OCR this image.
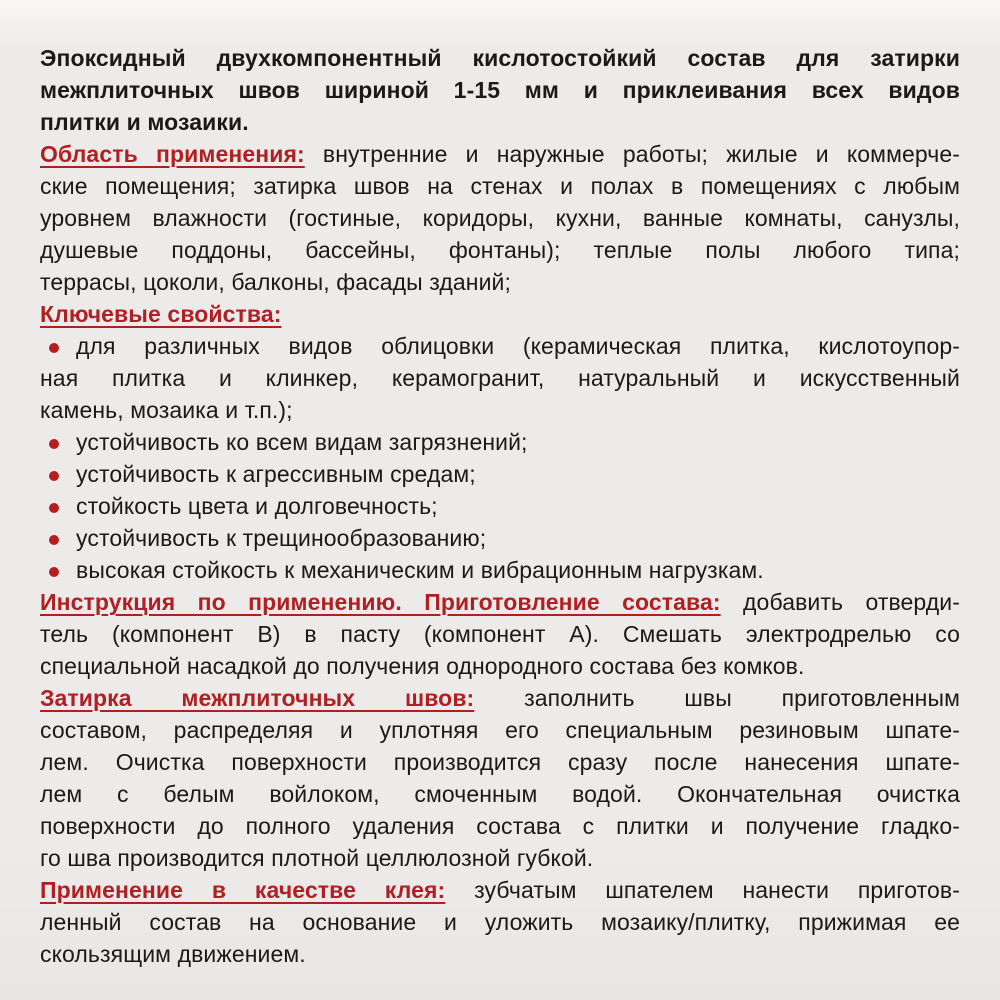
Эпоксидный двухкомпонентный кислотостойкий состав для затирки
межплиточных швов шириной 1-15 мм и приклеивания всех видов
плитки и мозаики.
Область применения: внутренние и наружные работы; жилые и коммерче-
ские помещения; затирка швов на стенах и полах в помещениях с любым
уровнем влажности (гостиные, коридоры, кухни, ванные комнаты, санузлы,
душевые поддоны, бассейны, фонтаны); теплые полы любого типа;
террасы, цоколи, балконы, фасады зданий;
Ключевые свойства:
для различных видов облицовки (керамическая плитка, кислотоупор-
ная плитка и клинкер, керамогранит, натуральный и искусственный
камень, мозаика и т.п.);
устойчивость ко всем видам загрязнений;
устойчивость к агрессивным средам;
стойкость цвета и долговечность;
устойчивость к трещинообразованию;
высокая стойкость к механическим и вибрационным нагрузкам.
Инструкция по применению. Приготовление состава: добавить отверди-
тель (компонент В) в пасту (компонент А). Смешать электродрелью со
специальной насадкой до получения однородного состава без комков.
Затирка межплиточных швов: заполнить швы приготовленным
составом, распределяя и уплотняя его специальным резиновым шпате-
лем. Очистка поверхности производится сразу после нанесения шпате-
лем с белым войлоком, смоченным водой. Окончательная очистка
поверхности до полного удаления состава с плитки и получение гладко-
го шва производится плотной целлюлозной губкой.
Применение в качестве клея: зубчатым шпателем нанести приготов-
ленный состав на основание и уложить мозаику/плитку, прижимая ее
скользящим движением.
